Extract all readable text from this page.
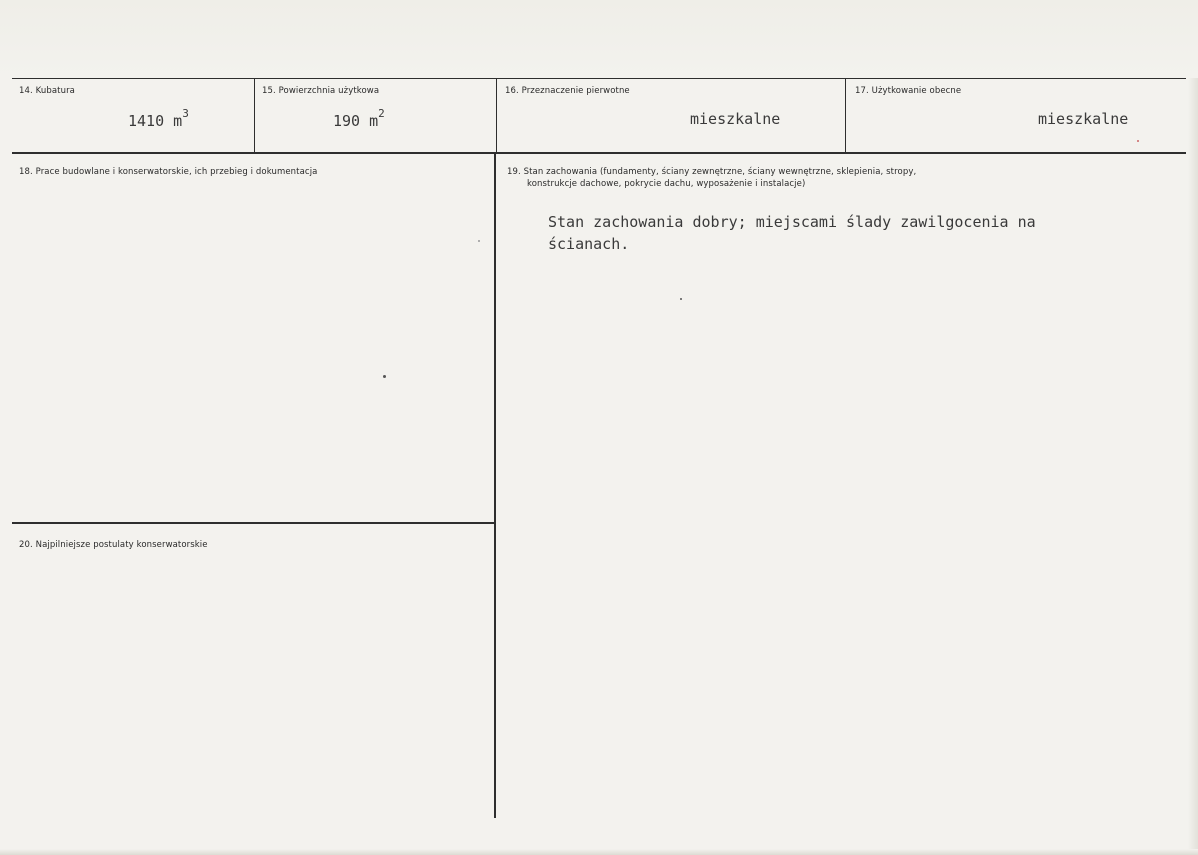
14. Kubatura
1410 $m^3$
15. Powierzchnia użytkowa
190 $m^2$
16. Przeznaczenie pierwotne
mieszkalne
17. Użytkowanie obecne
mieszkalne
18. Prace budowlane i konserwatorskie, ich przebieg i dokumentacja	19. Stan zachowania (fundamenty, ściany zewnętrzne, ściany wewnętrzne, sklepienia, stropy,
konstrukcje dachowe, pokrycie dachu, wyposażenie i instalacje)
Stan zachowania dobry; miejscami ślady zawilgocenia na
ścianach.
20. Najpilniejsze postulaty konserwatorskie
